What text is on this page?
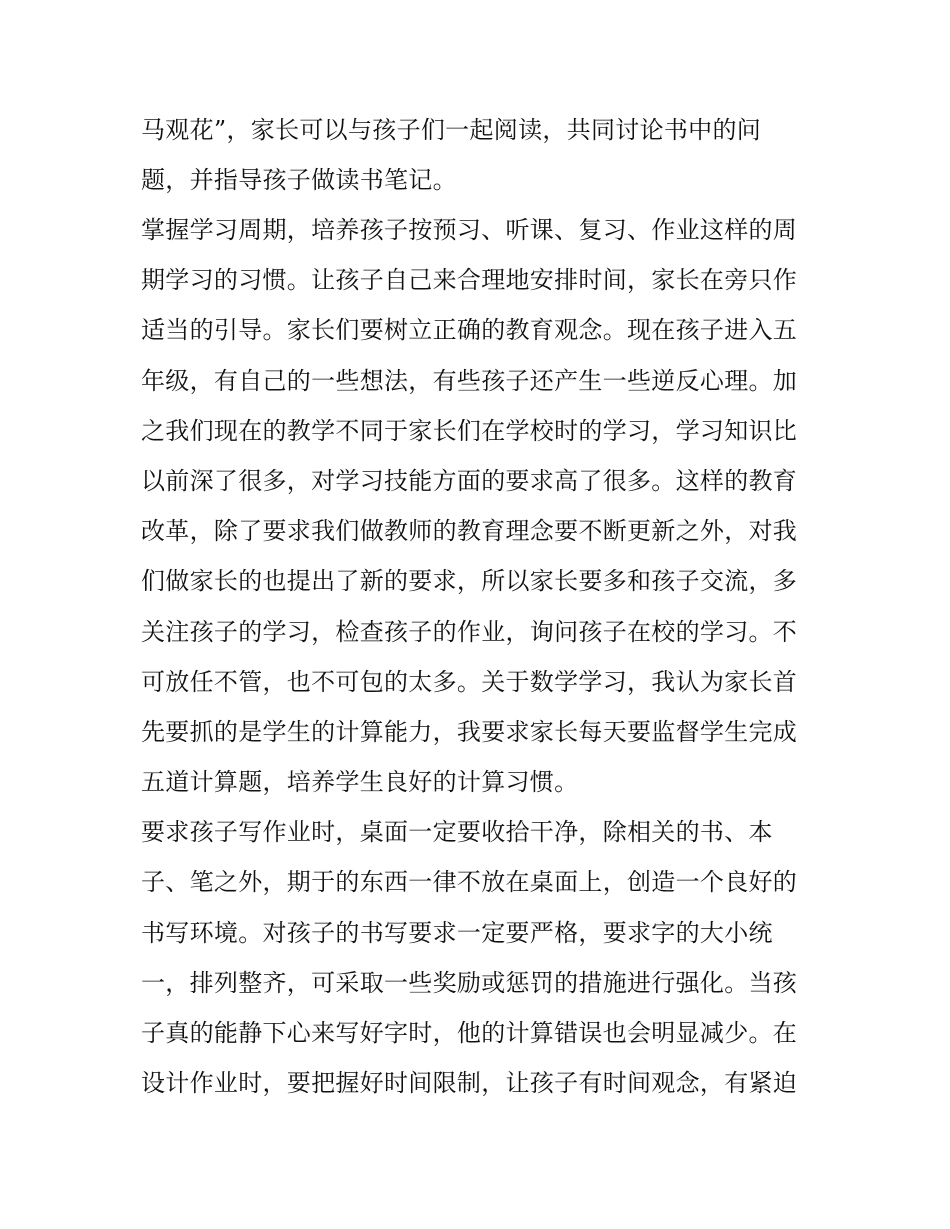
马观花”，家长可以与孩子们一起阅读，共同讨论书中的问
题，并指导孩子做读书笔记。
掌握学习周期，培养孩子按预习、听课、复习、作业这样的周
期学习的习惯。让孩子自己来合理地安排时间，家长在旁只作
适当的引导。家长们要树立正确的教育观念。现在孩子进入五
年级，有自己的一些想法，有些孩子还产生一些逆反心理。加
之我们现在的教学不同于家长们在学校时的学习，学习知识比
以前深了很多，对学习技能方面的要求高了很多。这样的教育
改革，除了要求我们做教师的教育理念要不断更新之外，对我
们做家长的也提出了新的要求，所以家长要多和孩子交流，多
关注孩子的学习，检查孩子的作业，询问孩子在校的学习。不
可放任不管，也不可包的太多。关于数学学习，我认为家长首
先要抓的是学生的计算能力，我要求家长每天要监督学生完成
五道计算题，培养学生良好的计算习惯。
要求孩子写作业时，桌面一定要收拾干净，除相关的书、本
子、笔之外，期于的东西一律不放在桌面上，创造一个良好的
书写环境。对孩子的书写要求一定要严格，要求字的大小统
一，排列整齐，可采取一些奖励或惩罚的措施进行强化。当孩
子真的能静下心来写好字时，他的计算错误也会明显减少。在
设计作业时，要把握好时间限制，让孩子有时间观念，有紧迫
